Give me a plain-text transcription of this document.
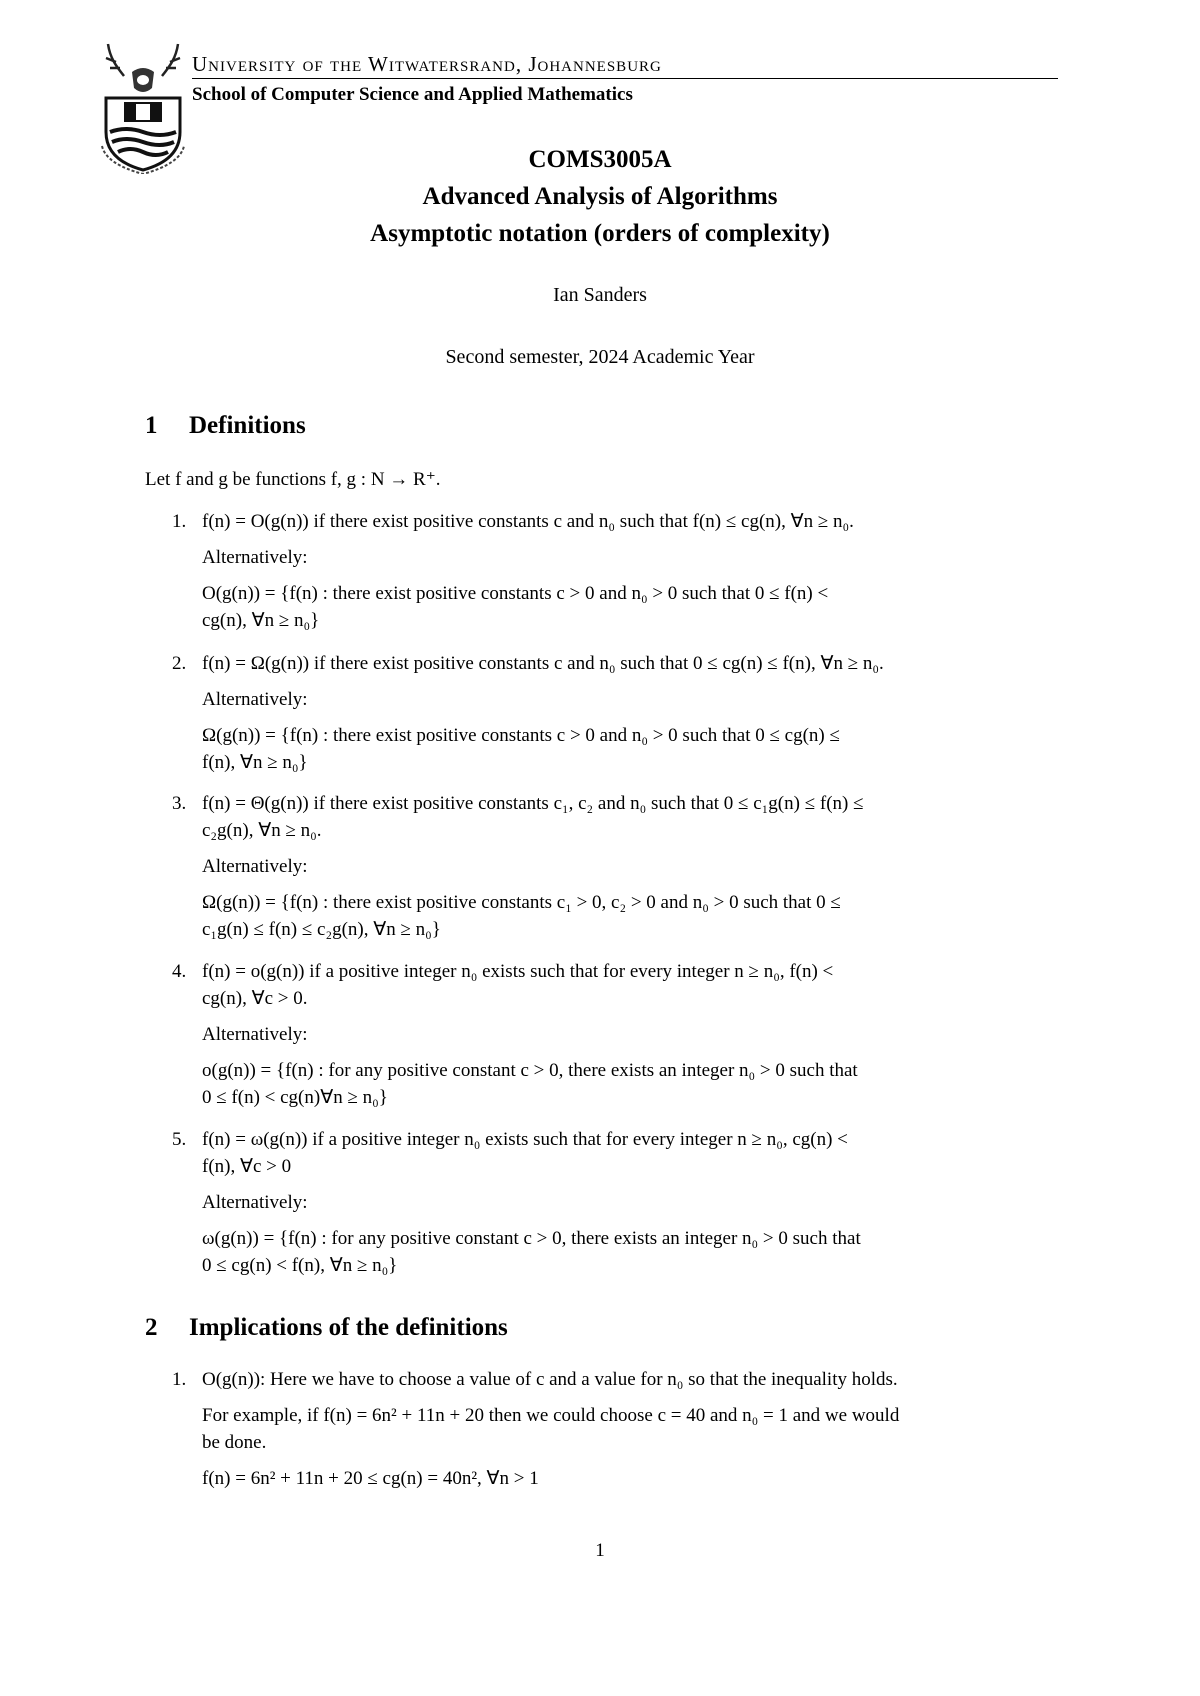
University of the Witwatersrand, Johannesburg
School of Computer Science and Applied Mathematics
COMS3005A
Advanced Analysis of Algorithms
Asymptotic notation (orders of complexity)
Ian Sanders
Second semester, 2024 Academic Year
1 Definitions
Let f and g be functions f, g : N → R⁺.
1. f(n) = O(g(n)) if there exist positive constants c and n₀ such that f(n) ≤ cg(n), ∀n ≥ n₀.
Alternatively:
O(g(n)) = {f(n) : there exist positive constants c > 0 and n₀ > 0 such that 0 ≤ f(n) <
cg(n), ∀n ≥ n₀}
2. f(n) = Ω(g(n)) if there exist positive constants c and n₀ such that 0 ≤ cg(n) ≤ f(n), ∀n ≥ n₀.
Alternatively:
Ω(g(n)) = {f(n) : there exist positive constants c > 0 and n₀ > 0 such that 0 ≤ cg(n) ≤
f(n), ∀n ≥ n₀}
3. f(n) = Θ(g(n)) if there exist positive constants c₁, c₂ and n₀ such that 0 ≤ c₁g(n) ≤ f(n) ≤
c₂g(n), ∀n ≥ n₀.
Alternatively:
Ω(g(n)) = {f(n) : there exist positive constants c₁ > 0, c₂ > 0 and n₀ > 0 such that 0 ≤
c₁g(n) ≤ f(n) ≤ c₂g(n), ∀n ≥ n₀}
4. f(n) = o(g(n)) if a positive integer n₀ exists such that for every integer n ≥ n₀, f(n) <
cg(n), ∀c > 0.
Alternatively:
o(g(n)) = {f(n) : for any positive constant c > 0, there exists an integer n₀ > 0 such that
0 ≤ f(n) < cg(n)∀n ≥ n₀}
5. f(n) = ω(g(n)) if a positive integer n₀ exists such that for every integer n ≥ n₀, cg(n) <
f(n), ∀c > 0
Alternatively:
ω(g(n)) = {f(n) : for any positive constant c > 0, there exists an integer n₀ > 0 such that
0 ≤ cg(n) < f(n), ∀n ≥ n₀}
2 Implications of the definitions
1. O(g(n)): Here we have to choose a value of c and a value for n₀ so that the inequality holds.
For example, if f(n) = 6n² + 11n + 20 then we could choose c = 40 and n₀ = 1 and we would
be done.
f(n) = 6n² + 11n + 20 ≤ cg(n) = 40n², ∀n > 1
1
